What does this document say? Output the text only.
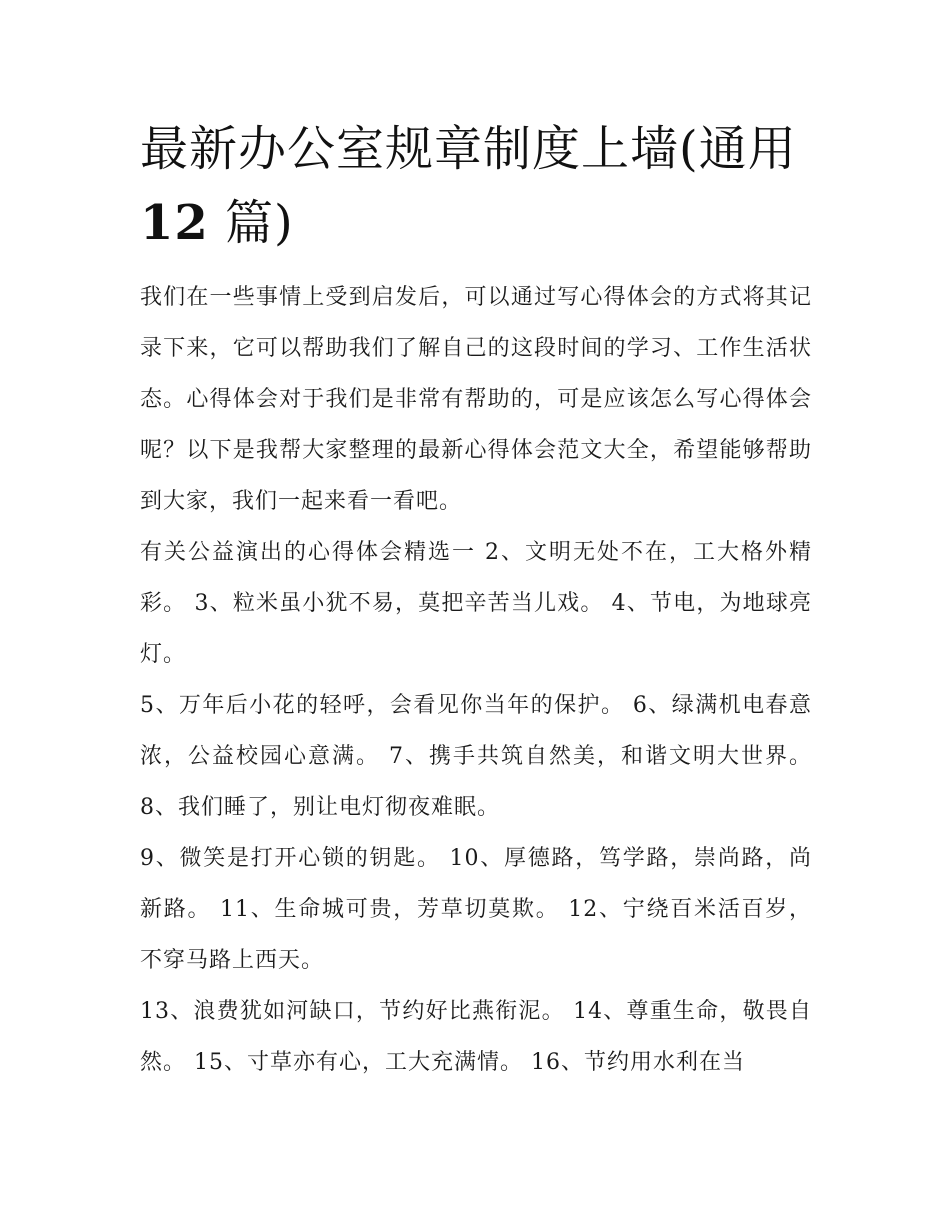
最新办公室规章制度上墙(通用
12 篇)

我们在一些事情上受到启发后，可以通过写心得体会的方式将其记录下来，它可以帮助我们了解自己的这段时间的学习、工作生活状态。心得体会对于我们是非常有帮助的，可是应该怎么写心得体会呢？以下是我帮大家整理的最新心得体会范文大全，希望能够帮助到大家，我们一起来看一看吧。

有关公益演出的心得体会精选一 2、文明无处不在，工大格外精彩。 3、粒米虽小犹不易，莫把辛苦当儿戏。 4、节电，为地球亮灯。

5、万年后小花的轻呼，会看见你当年的保护。 6、绿满机电春意浓，公益校园心意满。 7、携手共筑自然美，和谐文明大世界。 8、我们睡了，别让电灯彻夜难眠。

9、微笑是打开心锁的钥匙。 10、厚德路，笃学路，崇尚路，尚新路。 11、生命城可贵，芳草切莫欺。 12、宁绕百米活百岁，不穿马路上西天。

13、浪费犹如河缺口，节约好比燕衔泥。 14、尊重生命，敬畏自然。 15、寸草亦有心，工大充满情。 16、节约用水利在当
